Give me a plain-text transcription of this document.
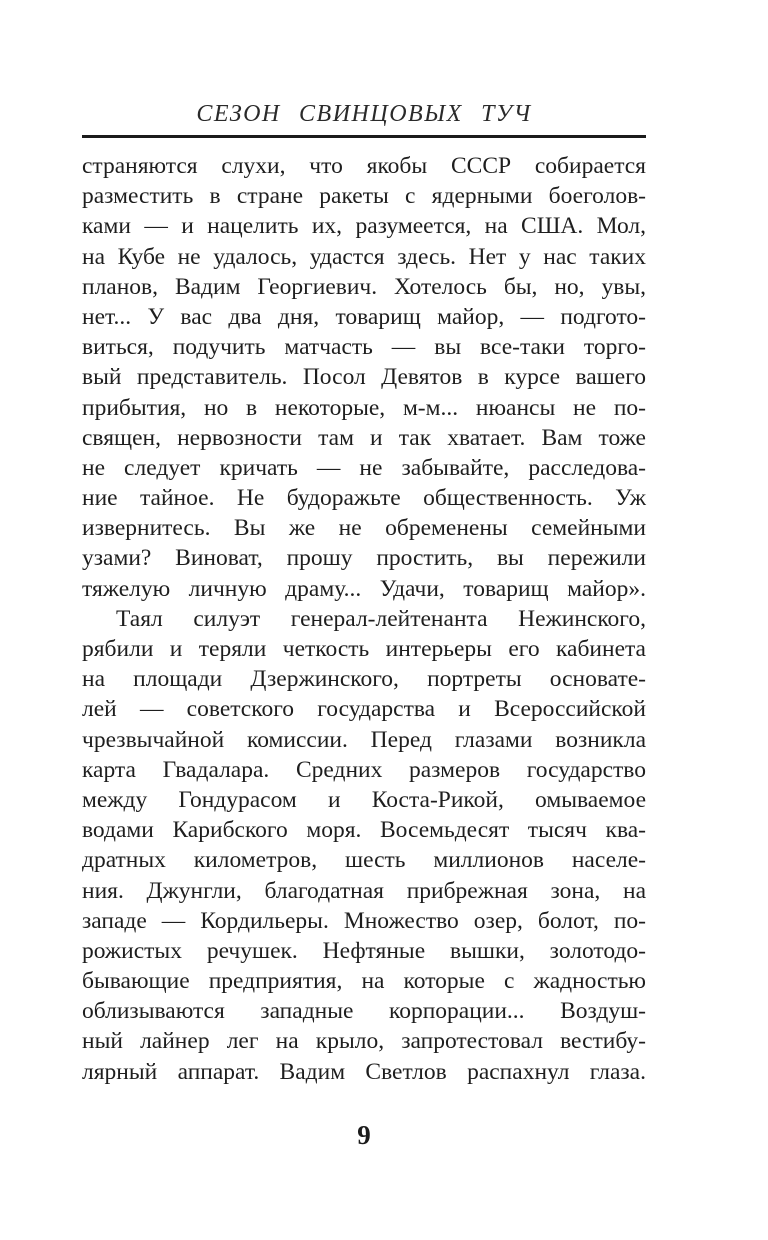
СЕЗОН СВИНЦОВЫХ ТУЧ
страняются слухи, что якобы СССР собирается
разместить в стране ракеты с ядерными боеголов-
ками — и нацелить их, разумеется, на США. Мол,
на Кубе не удалось, удастся здесь. Нет у нас таких
планов, Вадим Георгиевич. Хотелось бы, но, увы,
нет... У вас два дня, товарищ майор, — подгото-
виться, подучить матчасть — вы все-таки торго-
вый представитель. Посол Девятов в курсе вашего
прибытия, но в некоторые, м-м... нюансы не по-
священ, нервозности там и так хватает. Вам тоже
не следует кричать — не забывайте, расследова-
ние тайное. Не будоражьте общественность. Уж
извернитесь. Вы же не обременены семейными
узами? Виноват, прошу простить, вы пережили
тяжелую личную драму... Удачи, товарищ майор».
Таял силуэт генерал-лейтенанта Нежинского,
рябили и теряли четкость интерьеры его кабинета
на площади Дзержинского, портреты основате-
лей — советского государства и Всероссийской
чрезвычайной комиссии. Перед глазами возникла
карта Гвадалара. Средних размеров государство
между Гондурасом и Коста-Рикой, омываемое
водами Карибского моря. Восемьдесят тысяч ква-
дратных километров, шесть миллионов населе-
ния. Джунгли, благодатная прибрежная зона, на
западе — Кордильеры. Множество озер, болот, по-
рожистых речушек. Нефтяные вышки, золотодо-
бывающие предприятия, на которые с жадностью
облизываются западные корпорации... Воздуш-
ный лайнер лег на крыло, запротестовал вестибу-
лярный аппарат. Вадим Светлов распахнул глаза.
9
